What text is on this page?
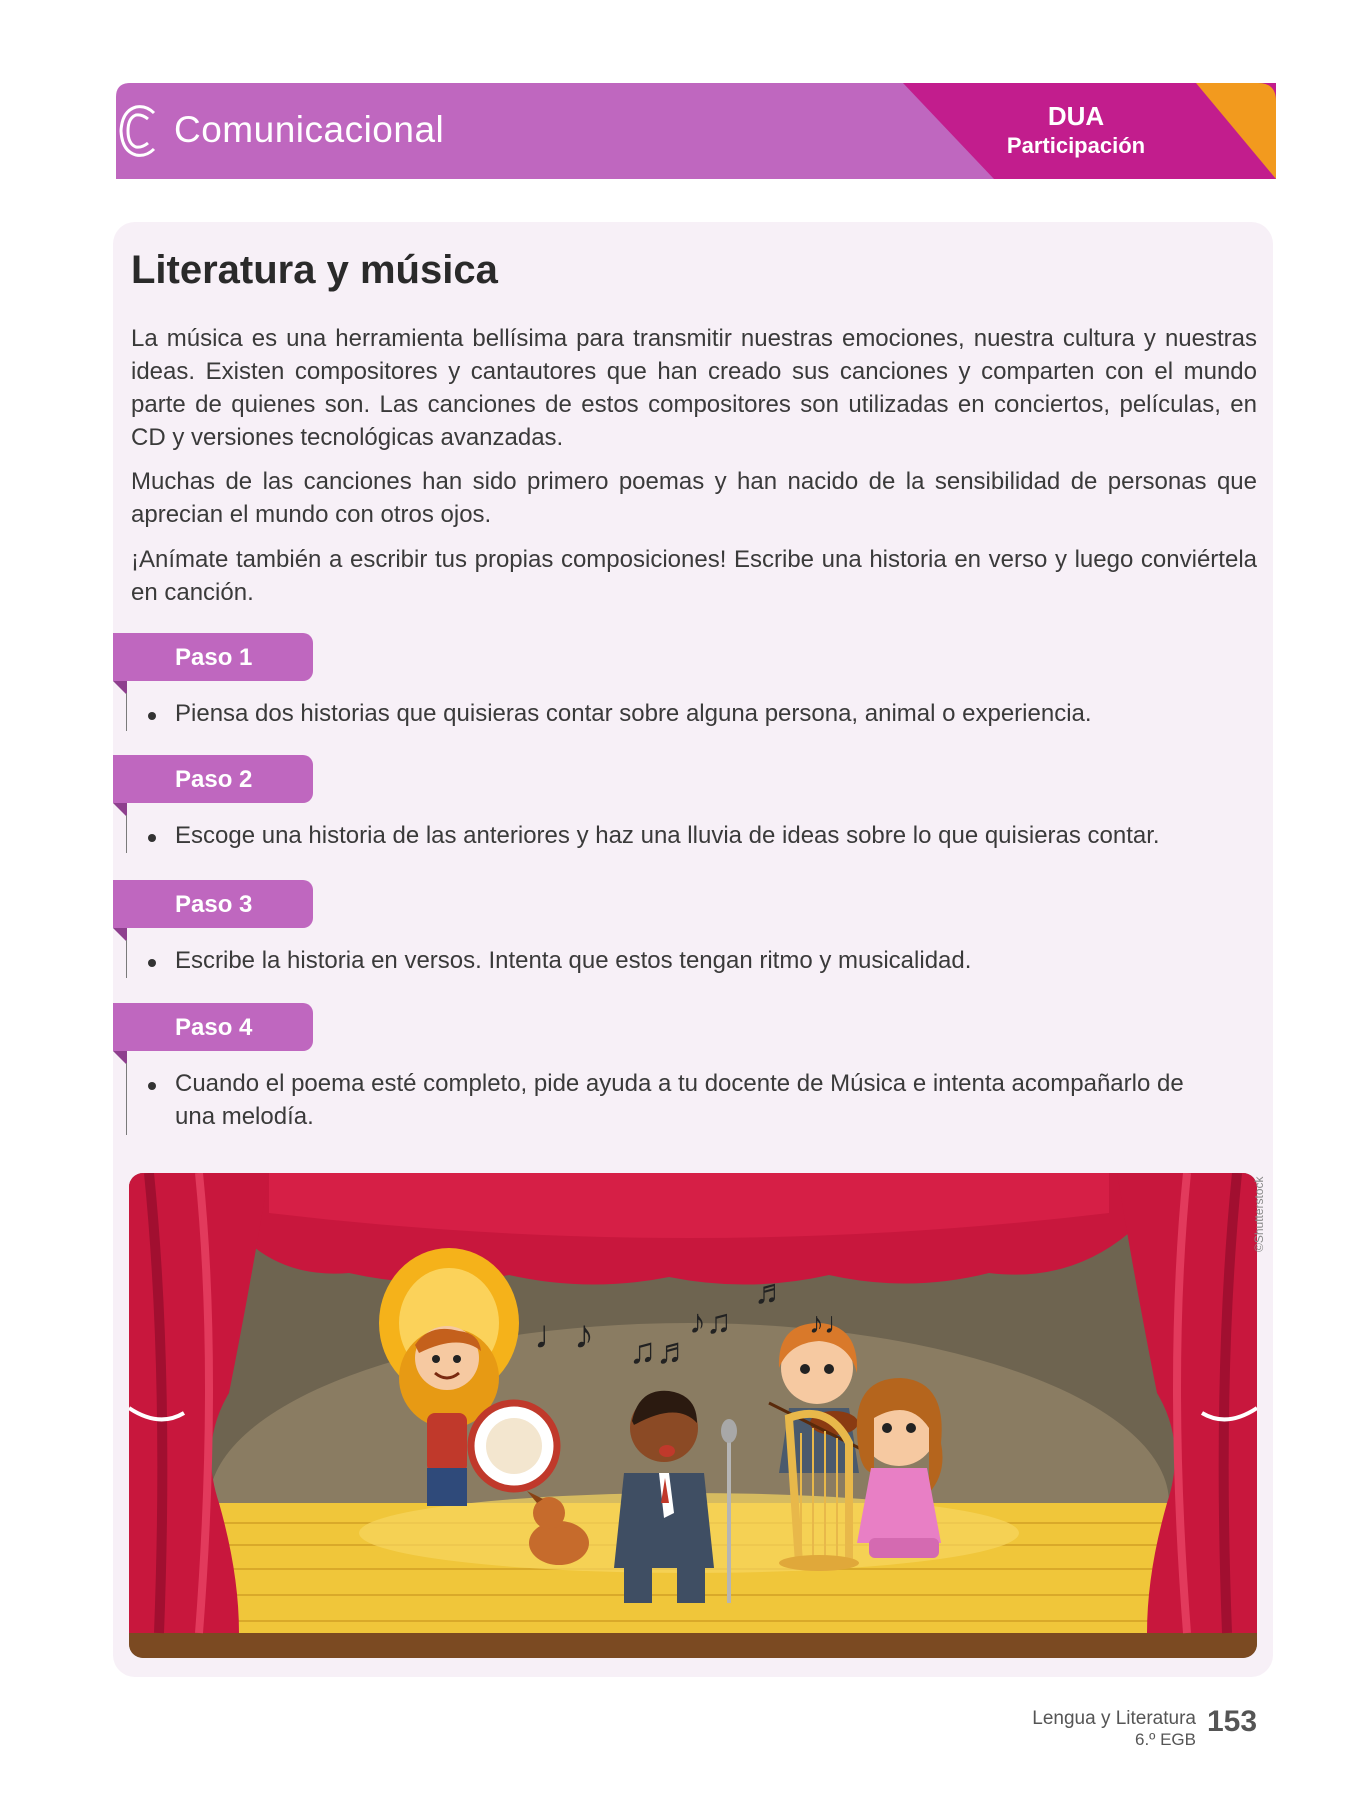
Comunicacional	DUA
Participación
Literatura y música

La música es una herramienta bellísima para transmitir nuestras emociones, nuestra cultura y nuestras ideas. Existen compositores y cantautores que han creado sus canciones y comparten con el mundo parte de quienes son. Las canciones de estos compositores son utilizadas en conciertos, películas, en CD y versiones tecnológicas avanzadas.

Muchas de las canciones han sido primero poemas y han nacido de la sensibilidad de personas que aprecian el mundo con otros ojos.

¡Anímate también a escribir tus propias composiciones! Escribe una historia en verso y luego conviértela en canción.

Paso 1

Piensa dos historias que quisieras contar sobre alguna persona, animal o experiencia.

Paso 2

Escoge una historia de las anteriores y haz una lluvia de ideas sobre lo que quisieras contar.

Paso 3

Escribe la historia en versos. Intenta que estos tengan ritmo y musicalidad.

Paso 4

Cuando el poema esté completo, pide ayuda a tu docente de Música e intenta acompañarlo de una melodía.

♩♪ ♫♬
♪♫
♬
♪♩
©Shutterstock
Lengua y Literatura
6.º EGB
153
